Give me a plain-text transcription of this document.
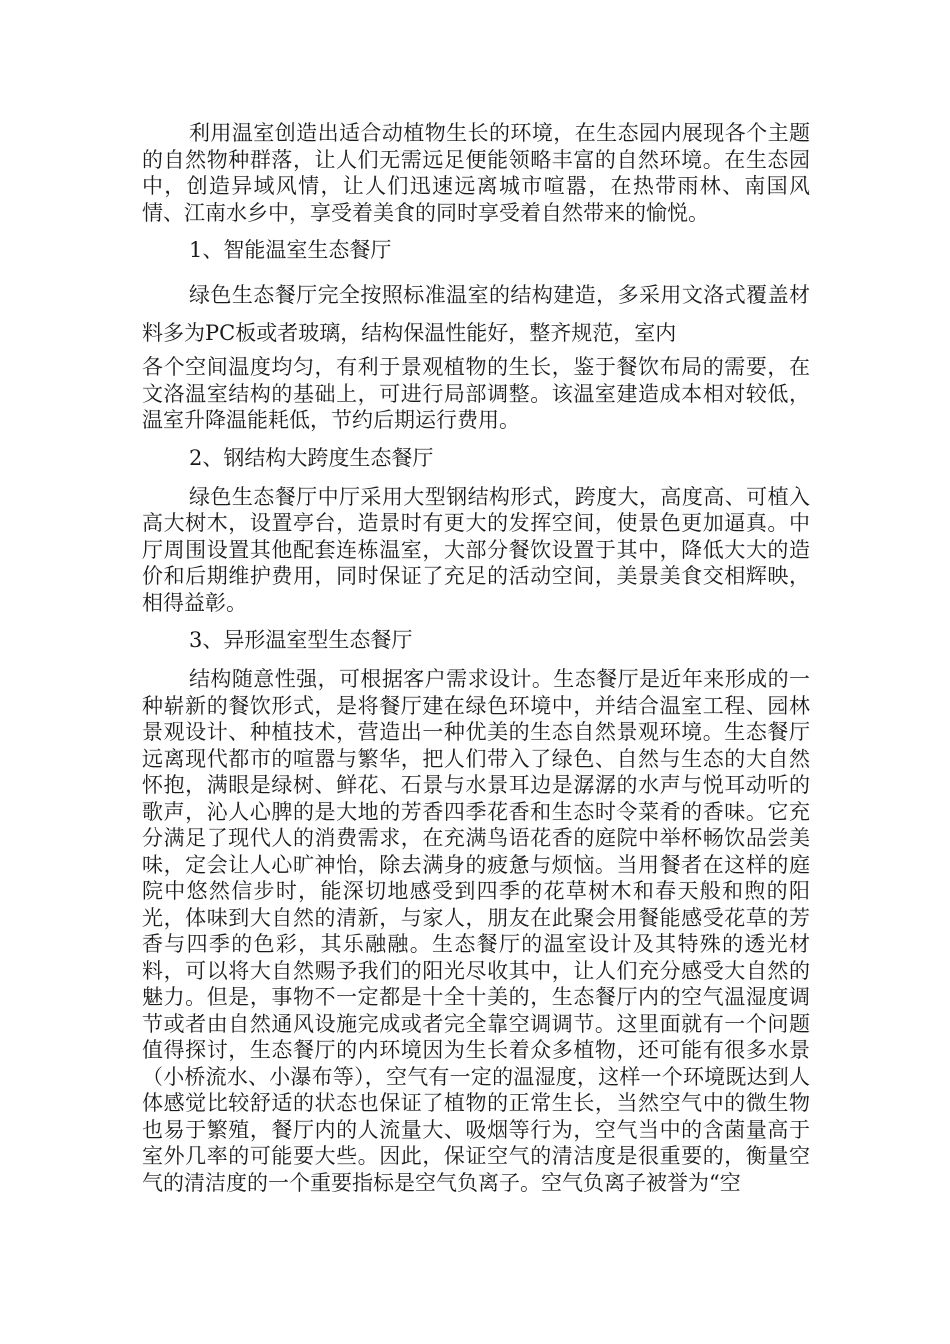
利用温室创造出适合动植物生长的环境，在生态园内展现各个主题的自然物种群落，让人们无需远足便能领略丰富的自然环境。在生态园中，创造异域风情，让人们迅速远离城市喧嚣，在热带雨林、南国风情、江南水乡中，享受着美食的同时享受着自然带来的愉悦。

1、智能温室生态餐厅

绿色生态餐厅完全按照标准温室的结构建造，多采用文洛式覆盖材料多为PC板或者玻璃，结构保温性能好，整齐规范，室内

各个空间温度均匀，有利于景观植物的生长，鉴于餐饮布局的需要，在文洛温室结构的基础上，可进行局部调整。该温室建造成本相对较低，温室升降温能耗低，节约后期运行费用。

2、钢结构大跨度生态餐厅

绿色生态餐厅中厅采用大型钢结构形式，跨度大，高度高、可植入高大树木，设置亭台，造景时有更大的发挥空间，使景色更加逼真。中厅周围设置其他配套连栋温室，大部分餐饮设置于其中，降低大大的造价和后期维护费用，同时保证了充足的活动空间，美景美食交相辉映，相得益彰。

3、异形温室型生态餐厅

结构随意性强，可根据客户需求设计。生态餐厅是近年来形成的一种崭新的餐饮形式，是将餐厅建在绿色环境中，并结合温室工程、园林景观设计、种植技术，营造出一种优美的生态自然景观环境。生态餐厅远离现代都市的喧嚣与繁华，把人们带入了绿色、自然与生态的大自然怀抱，满眼是绿树、鲜花、石景与水景耳边是潺潺的水声与悦耳动听的歌声，沁人心脾的是大地的芳香四季花香和生态时令菜肴的香味。它充分满足了现代人的消费需求，在充满鸟语花香的庭院中举杯畅饮品尝美味，定会让人心旷神怡，除去满身的疲惫与烦恼。当用餐者在这样的庭院中悠然信步时，能深切地感受到四季的花草树木和春天般和煦的阳光，体味到大自然的清新，与家人，朋友在此聚会用餐能感受花草的芳香与四季的色彩，其乐融融。生态餐厅的温室设计及其特殊的透光材料，可以将大自然赐予我们的阳光尽收其中，让人们充分感受大自然的魅力。但是，事物不一定都是十全十美的，生态餐厅内的空气温湿度调节或者由自然通风设施完成或者完全靠空调调节。这里面就有一个问题值得探讨，生态餐厅的内环境因为生长着众多植物，还可能有很多水景（小桥流水、小瀑布等），空气有一定的温湿度，这样一个环境既达到人体感觉比较舒适的状态也保证了植物的正常生长，当然空气中的微生物也易于繁殖，餐厅内的人流量大、吸烟等行为，空气当中的含菌量高于室外几率的可能要大些。因此，保证空气的清洁度是很重要的，衡量空气的清洁度的一个重要指标是空气负离子。空气负离子被誉为“空
